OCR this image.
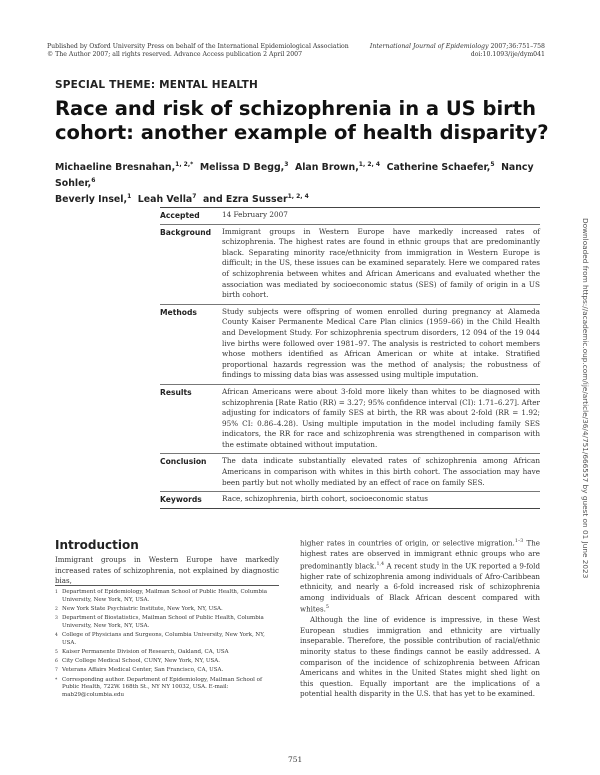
Published by Oxford University Press on behalf of the International Epidemiological Association
© The Author 2007; all rights reserved. Advance Access publication 2 April 2007
International Journal of Epidemiology 2007;36:751–758
doi:10.1093/ije/dym041
SPECIAL THEME: MENTAL HEALTH
Race and risk of schizophrenia in a US birth cohort: another example of health disparity?
Michaeline Bresnahan,$^{1, 2,*}$ Melissa D Begg,$^3$ Alan Brown,$^{1, 2, 4}$ Catherine Schaefer,$^5$ Nancy Sohler,$^6$
Beverly Insel,$^1$ Leah Vella$^7$ and Ezra Susser$^{1, 2, 4}$
Accepted	14 February 2007
Background	Immigrant groups in Western Europe have markedly increased rates of schizophrenia. The highest rates are found in ethnic groups that are predominantly black. Separating minority race/ethnicity from immigration in Western Europe is difficult; in the US, these issues can be examined separately. Here we compared rates of schizophrenia between whites and African Americans and evaluated whether the association was mediated by socioeconomic status (SES) of family of origin in a US birth cohort.
Methods	Study subjects were offspring of women enrolled during pregnancy at Alameda County Kaiser Permanente Medical Care Plan clinics (1959–66) in the Child Health and Development Study. For schizophrenia spectrum disorders, 12 094 of the 19 044 live births were followed over 1981–97. The analysis is restricted to cohort members whose mothers identified as African American or white at intake. Stratified proportional hazards regression was the method of analysis; the robustness of findings to missing data bias was assessed using multiple imputation.
Results	African Americans were about 3-fold more likely than whites to be diagnosed with schizophrenia [Rate Ratio (RR) = 3.27; 95% confidence interval (CI): 1.71–6.27]. After adjusting for indicators of family SES at birth, the RR was about 2-fold (RR = 1.92; 95% CI: 0.86–4.28). Using multiple imputation in the model including family SES indicators, the RR for race and schizophrenia was strengthened in comparison with the estimate obtained without imputation.
Conclusion	The data indicate substantially elevated rates of schizophrenia among African Americans in comparison with whites in this birth cohort. The association may have been partly but not wholly mediated by an effect of race on family SES.
Keywords	Race, schizophrenia, birth cohort, socioeconomic status
Introduction
Immigrant groups in Western Europe have markedly increased rates of schizophrenia, not explained by diagnostic bias,
1 Department of Epidemiology, Mailman School of Public Health, Columbia University, New York, NY, USA.
2 New York State Psychiatric Institute, New York, NY, USA.
3 Department of Biostatistics, Mailman School of Public Health, Columbia University, New York, NY, USA.
4 College of Physicians and Surgeons, Columbia University, New York, NY, USA.
5 Kaiser Permanente Division of Research, Oakland, CA, USA
6 City College Medical School, CUNY, New York, NY, USA.
7 Veterans Affairs Medical Center, San Francisco, CA, USA.
* Corresponding author. Department of Epidemiology, Mailman School of Public Health, 722W. 168th St., NY NY 10032, USA. E-mail: mab29@columbia.edu

higher rates in countries of origin, or selective migration.$^{1-3}$ The highest rates are observed in immigrant ethnic groups who are predominantly black.$^{1,4}$ A recent study in the UK reported a 9-fold higher rate of schizophrenia among individuals of Afro-Caribbean ethnicity, and nearly a 6-fold increased risk of schizophrenia among individuals of Black African descent compared with whites.$^5$

Although the line of evidence is impressive, in these West European studies immigration and ethnicity are virtually inseparable. Therefore, the possible contribution of racial/ethnic minority status to these findings cannot be easily addressed. A comparison of the incidence of schizophrenia between African Americans and whites in the United States might shed light on this question. Equally important are the implications of a potential health disparity in the U.S. that has yet to be examined.

751
Downloaded from https://academic.oup.com/ije/article/36/4/751/666557 by guest on 01 June 2023
